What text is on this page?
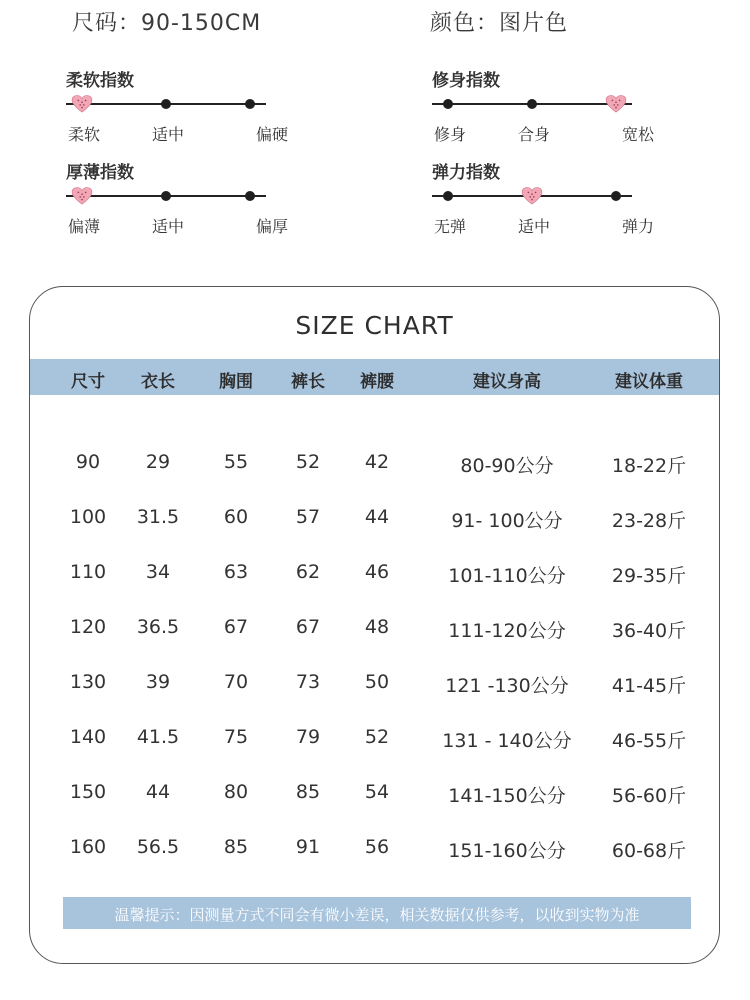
尺码：90-150CM	颜色：图片色
柔软指数
柔软	适中	偏硬
修身指数
修身	合身	宽松
厚薄指数
偏薄	适中	偏厚
弹力指数
无弹	适中	弹力
SIZE CHART
尺寸 衣长	胸围 裤长 裤腰	建议身高	建议体重
90 29	55	52 42	80-90公分	18-22斤
100 31.5 60	57 44	91- 100公分	23-28斤
110 34	63	62 46	101-110公分 29-35斤
120 36.5 67	67 48	111-120公分 36-40斤
130 39	70	73 50	121 -130公分 41-45斤
140 41.5 75	79 52	131 - 140公分 46-55斤
150 44	80	85 54	141-150公分 56-60斤
160 56.5 85	91 56	151-160公分 60-68斤
温馨提示：因测量方式不同会有微小差误，相关数据仅供参考，以收到实物为准
